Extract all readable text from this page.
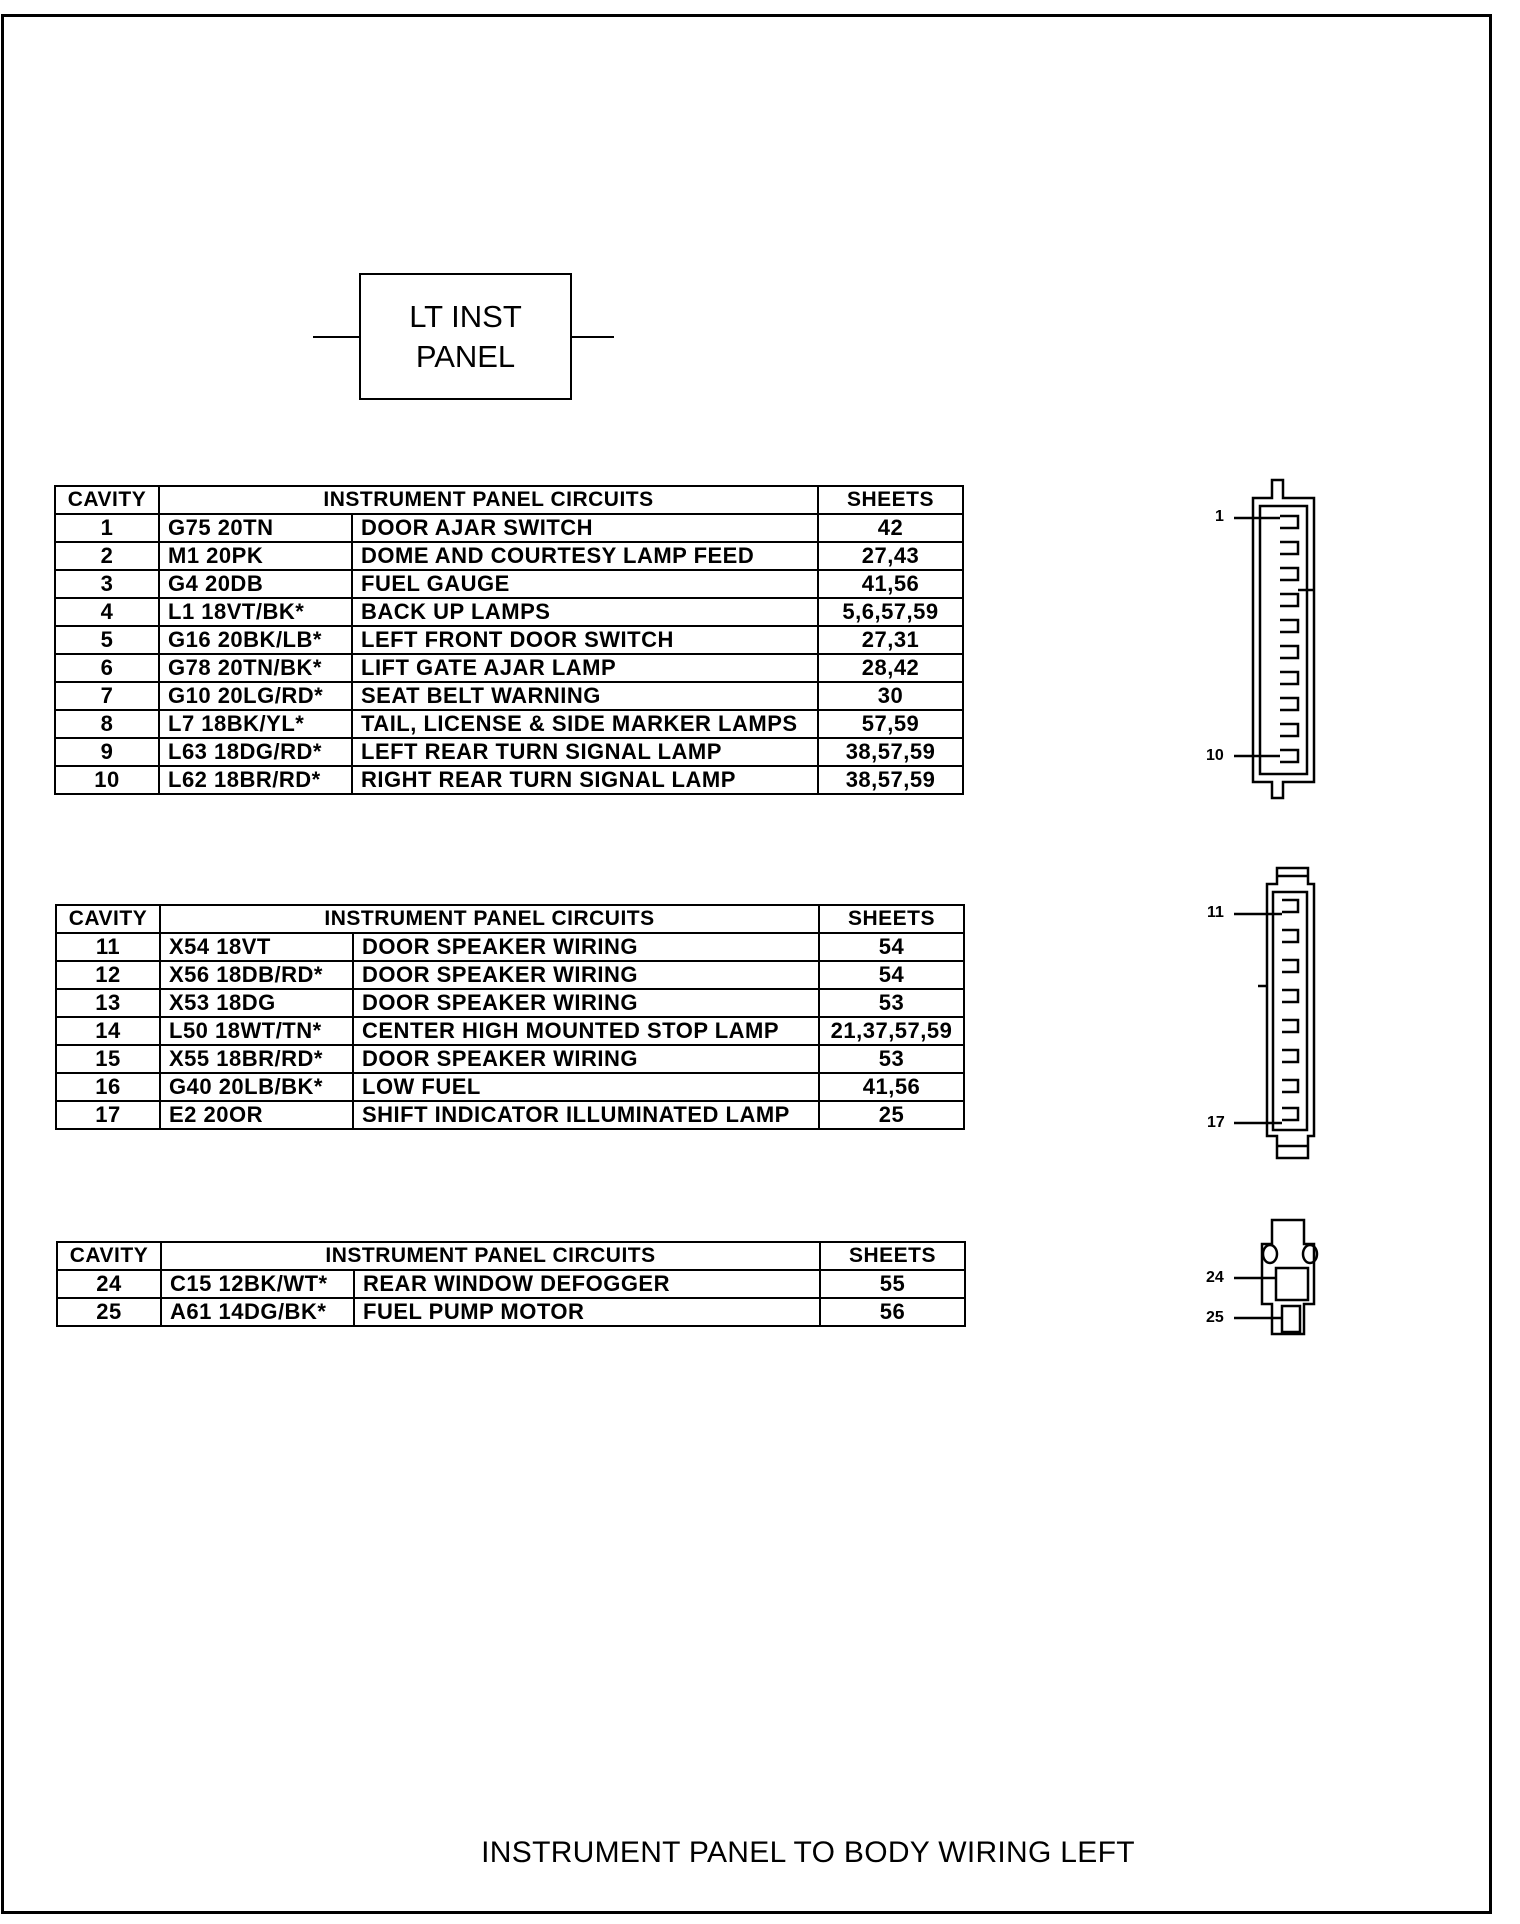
LT INST
PANEL
CAVITY	INSTRUMENT PANEL CIRCUITS		SHEETS
1	G75 20TN	DOOR AJAR SWITCH	42
2	M1 20PK	DOME AND COURTESY LAMP FEED	27,43
3	G4 20DB	FUEL GAUGE	41,56
4	L1 18VT/BK*	BACK UP LAMPS	5,6,57,59
5	G16 20BK/LB*	LEFT FRONT DOOR SWITCH	27,31
6	G78 20TN/BK*	LIFT GATE AJAR LAMP	28,42
7	G10 20LG/RD*	SEAT BELT WARNING	30
8	L7 18BK/YL*	TAIL, LICENSE & SIDE MARKER LAMPS	57,59
9	L63 18DG/RD*	LEFT REAR TURN SIGNAL LAMP	38,57,59
10	L62 18BR/RD*	RIGHT REAR TURN SIGNAL LAMP	38,57,59
CAVITY	INSTRUMENT PANEL CIRCUITS		SHEETS
11	X54 18VT	DOOR SPEAKER WIRING	54
12	X56 18DB/RD*	DOOR SPEAKER WIRING	54
13	X53 18DG	DOOR SPEAKER WIRING	53
14	L50 18WT/TN*	CENTER HIGH MOUNTED STOP LAMP	21,37,57,59
15	X55 18BR/RD*	DOOR SPEAKER WIRING	53
16	G40 20LB/BK*	LOW FUEL	41,56
17	E2 20OR	SHIFT INDICATOR ILLUMINATED LAMP	25
CAVITY	INSTRUMENT PANEL CIRCUITS		SHEETS
24	C15 12BK/WT*	REAR WINDOW DEFOGGER	55
25	A61 14DG/BK*	FUEL PUMP MOTOR	56
1
10
11
17
24
25
INSTRUMENT PANEL TO BODY WIRING LEFT
